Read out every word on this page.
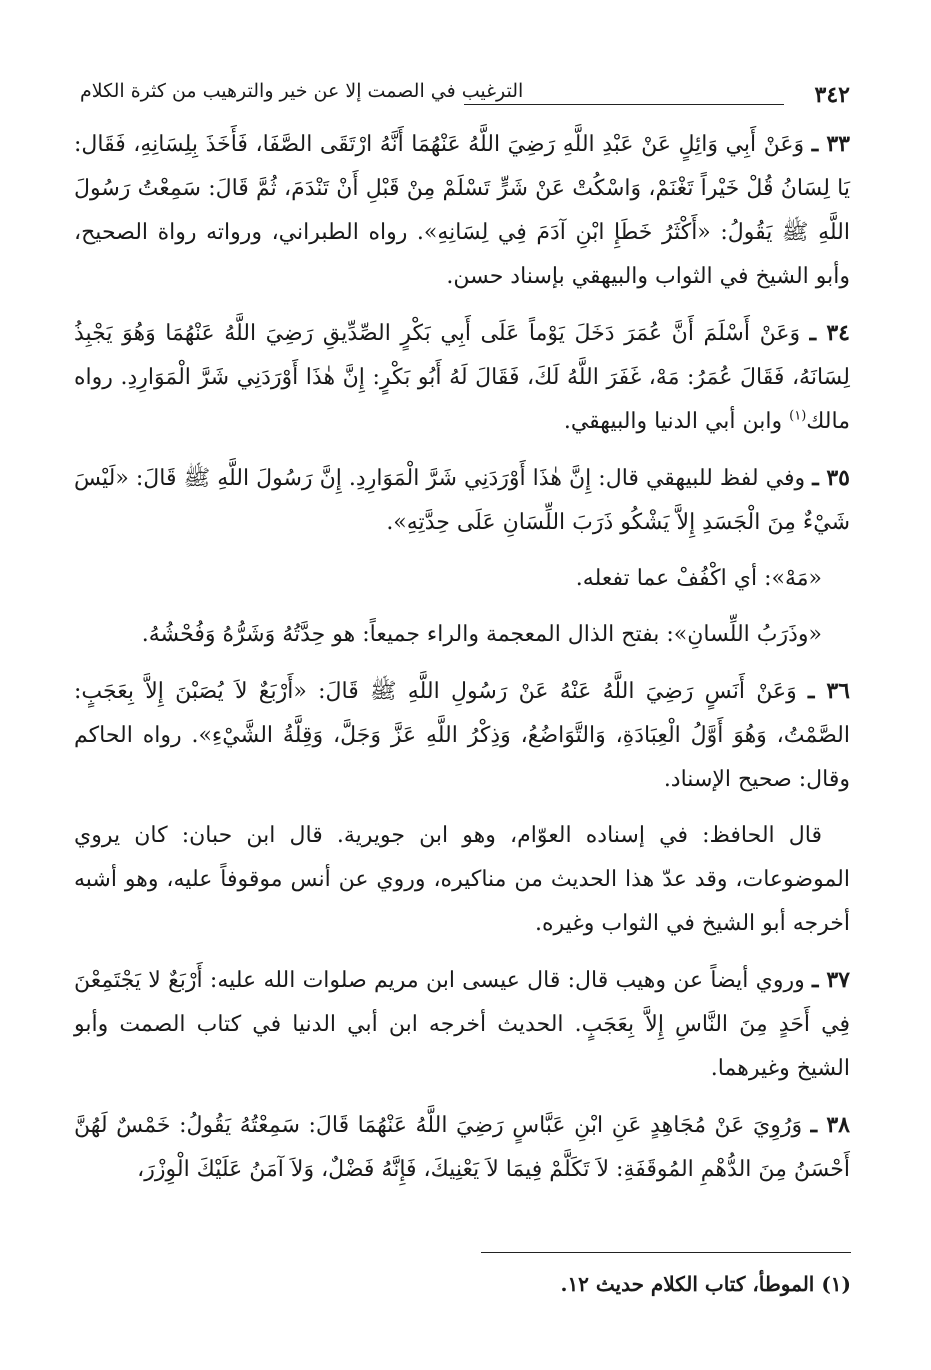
٣٤٢
الترغيب في الصمت إلا عن خير والترهيب من كثرة الكلام

٣٣ ـ وَعَنْ أَبِي وَائِلٍ عَنْ عَبْدِ اللَّهِ رَضِيَ اللَّهُ عَنْهُمَا أَنَّهُ ارْتَقَى الصَّفَا، فَأَخَذَ بِلِسَانِهِ، فَقَال: يَا لِسَانُ قُلْ خَيْراً تَغْنَمْ، وَاسْكُتْ عَنْ شَرٍّ تَسْلَمْ مِنْ قَبْلِ أَنْ تَنْدَمَ، ثُمَّ قَالَ: سَمِعْتُ رَسُولَ اللَّهِ ﷺ يَقُولُ: «أَكْثَرُ خَطَإِ ابْنِ آدَمَ فِي لِسَانِهِ». رواه الطبراني، ورواته رواة الصحيح، وأبو الشيخ في الثواب والبيهقي بإسناد حسن.

٣٤ ـ وَعَنْ أَسْلَمَ أَنَّ عُمَرَ دَخَلَ يَوْماً عَلَى أَبِي بَكْرٍ الصِّدِّيقِ رَضِيَ اللَّهُ عَنْهُمَا وَهُوَ يَجْبِذُ لِسَانَهُ، فَقَالَ عُمَرُ: مَهْ، غَفَرَ اللَّهُ لَكَ، فَقَالَ لَهُ أَبُو بَكْرٍ: إِنَّ هٰذَا أَوْرَدَنِي شَرَّ الْمَوَارِدِ. رواه مالك$^{(١)}$ وابن أبي الدنيا والبيهقي.

٣٥ ـ وفي لفظ للبيهقي قال: إِنَّ هٰذَا أَوْرَدَنِي شَرَّ الْمَوَارِدِ. إِنَّ رَسُولَ اللَّهِ ﷺ قَالَ: «لَيْسَ شَيْءٌ مِنَ الْجَسَدِ إِلاَّ يَشْكُو ذَرَبَ اللِّسَانِ عَلَى حِدَّتِهِ».

«مَهْ»: أي اكْفُفْ عما تفعله.

«وذَرَبُ اللِّسانِ»: بفتح الذال المعجمة والراء جميعاً: هو حِدَّتُهُ وَشَرُّهُ وَفُحْشُهُ.

٣٦ ـ وَعَنْ أَنَسٍ رَضِيَ اللَّهُ عَنْهُ عَنْ رَسُولِ اللَّهِ ﷺ قَالَ: «أَرْبَعٌ لاَ يُصَبْنَ إِلاَّ بِعَجَبٍ: الصَّمْتُ، وَهُوَ أَوَّلُ الْعِبَادَةِ، وَالتَّوَاضُعُ، وَذِكْرُ اللَّهِ عَزَّ وَجَلَّ، وَقِلَّةُ الشَّيْءِ». رواه الحاكم وقال: صحيح الإسناد.

قال الحافظ: في إسناده العوّام، وهو ابن جويرية. قال ابن حبان: كان يروي الموضوعات، وقد عدّ هذا الحديث من مناكيره، وروي عن أنس موقوفاً عليه، وهو أشبه أخرجه أبو الشيخ في الثواب وغيره.

٣٧ ـ وروي أيضاً عن وهيب قال: قال عيسى ابن مريم صلوات الله عليه: أَرْبَعٌ لا يَجْتَمِعْنَ فِي أَحَدٍ مِنَ النَّاسِ إِلاَّ بِعَجَبٍ. الحديث أخرجه ابن أبي الدنيا في كتاب الصمت وأبو الشيخ وغيرهما.

٣٨ ـ وَرُوِيَ عَنْ مُجَاهِدٍ عَنِ ابْنِ عَبَّاسٍ رَضِيَ اللَّهُ عَنْهُمَا قَالَ: سَمِعْتُهُ يَقُولُ: خَمْسٌ لَهُنَّ أَحْسَنُ مِنَ الدُّهْمِ المُوقَفَةِ: لاَ تَكَلَّمْ فِيمَا لاَ يَعْنِيكَ، فَإِنَّهُ فَضْلٌ، وَلاَ آمَنُ عَلَيْكَ الْوِزْرَ،

(١) الموطأ، كتاب الكلام حديث ١٢.
